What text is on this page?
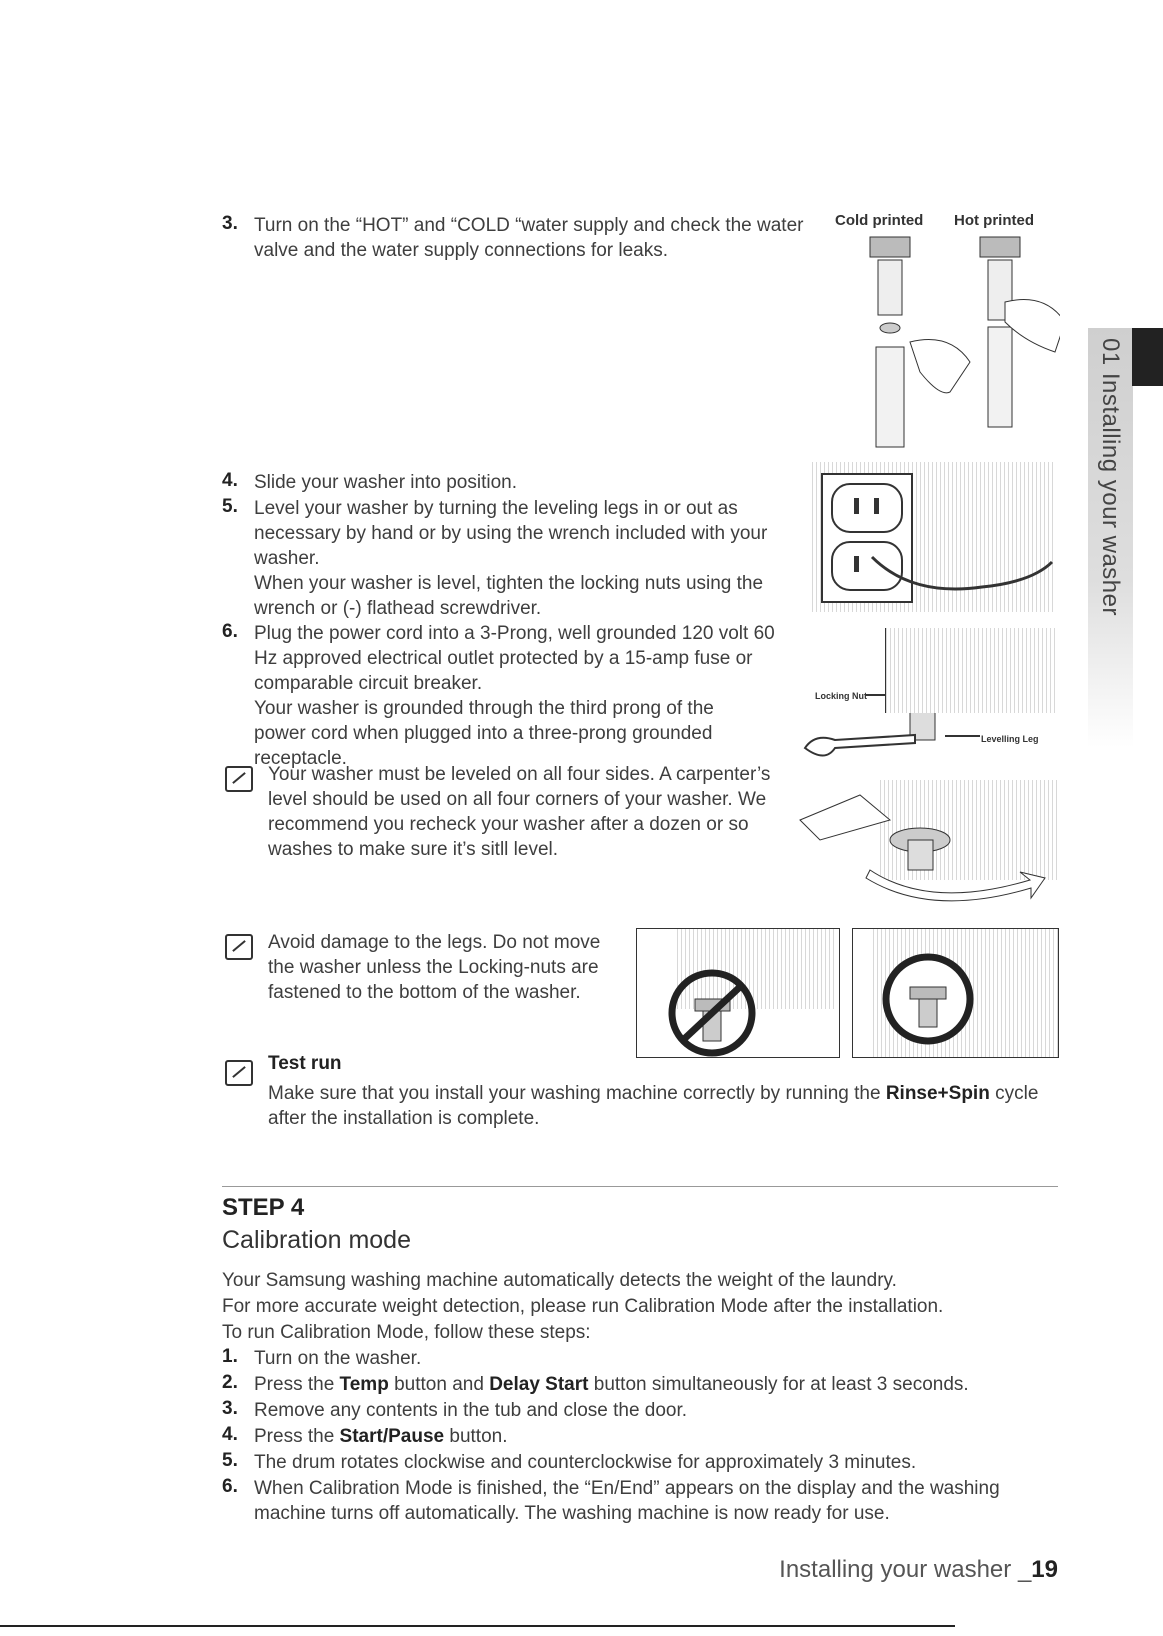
01 Installing your washer
3. Turn on the “HOT” and “COLD “water supply and check the water valve and the water supply connections for leaks.
Cold printed Hot printed
4. Slide your washer into position.
5. Level your washer by turning the leveling legs in or out as necessary by hand or by using the wrench included with your washer.
When your washer is level, tighten the locking nuts using the wrench or (-) flathead screwdriver.
6. Plug the power cord into a 3-Prong, well grounded 120 volt 60 Hz approved electrical outlet protected by a 15-amp fuse or comparable circuit breaker.
Your washer is grounded through the third prong of the power cord when plugged into a three-prong grounded receptacle.
Locking Nut
Levelling Leg
Your washer must be leveled on all four sides. A carpenter’s level should be used on all four corners of your washer. We recommend you recheck your washer after a dozen or so washes to make sure it’s sitll level.
Avoid damage to the legs. Do not move the washer unless the Locking-nuts are fastened to the bottom of the washer.
Test run
Make sure that you install your washing machine correctly by running the Rinse+Spin cycle after the installation is complete.
STEP 4
Calibration mode
Your Samsung washing machine automatically detects the weight of the laundry.
For more accurate weight detection, please run Calibration Mode after the installation.
To run Calibration Mode, follow these steps:
1. Turn on the washer.
2. Press the Temp button and Delay Start button simultaneously for at least 3 seconds.
3. Remove any contents in the tub and close the door.
4. Press the Start/Pause button.
5. The drum rotates clockwise and counterclockwise for approximately 3 minutes.
6. When Calibration Mode is finished, the “En/End” appears on the display and the washing machine turns off automatically. The washing machine is now ready for use.
Installing your washer _19
